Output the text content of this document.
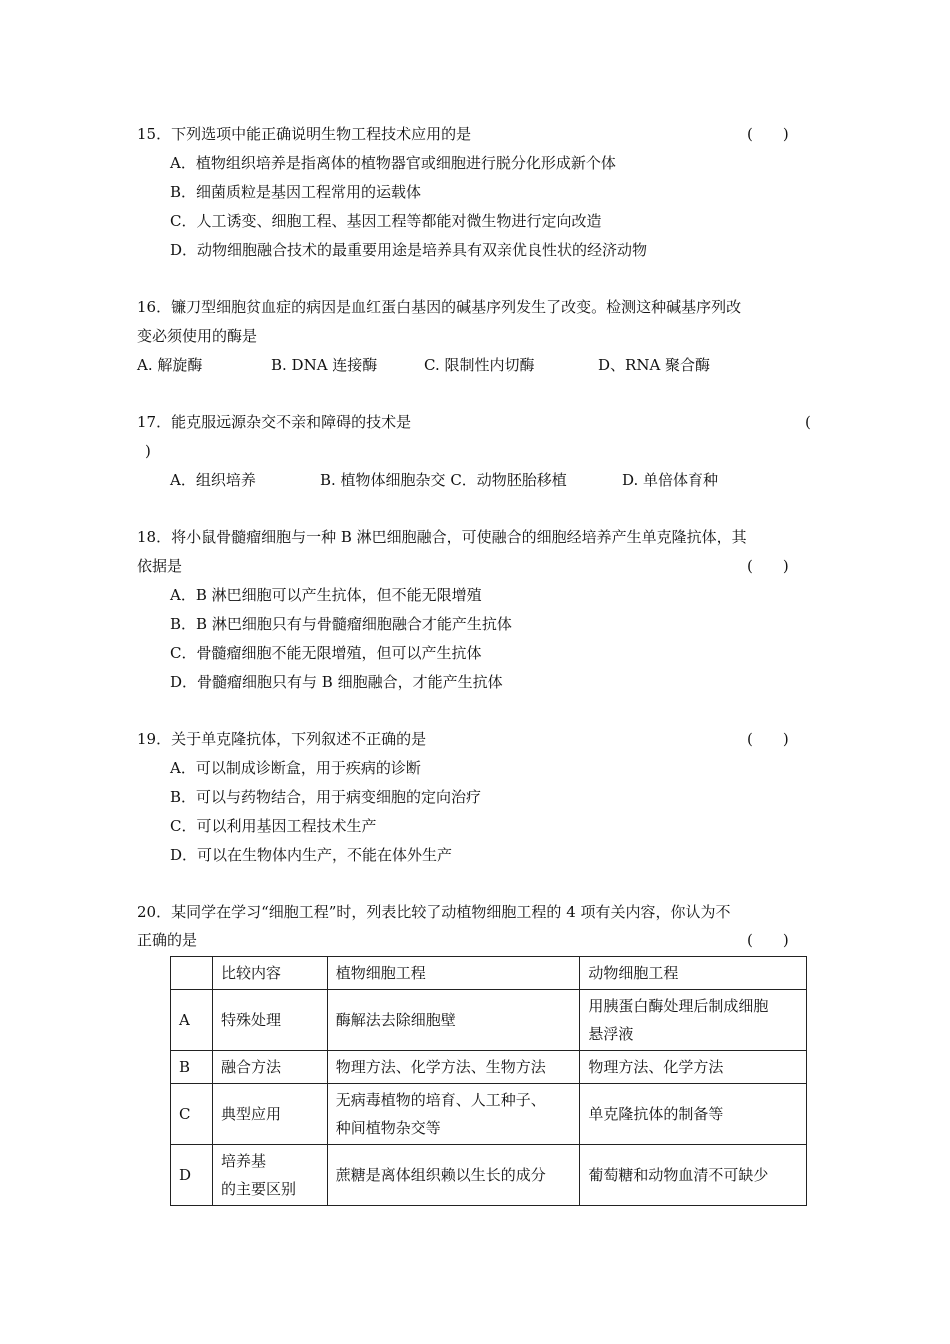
15．下列选项中能正确说明生物工程技术应用的是	(　　)
A．植物组织培养是指离体的植物器官或细胞进行脱分化形成新个体
B．细菌质粒是基因工程常用的运载体
C．人工诱变、细胞工程、基因工程等都能对微生物进行定向改造
D．动物细胞融合技术的最重要用途是培养具有双亲优良性状的经济动物
16．镰刀型细胞贫血症的病因是血红蛋白基因的碱基序列发生了改变。检测这种碱基序列改
变必须使用的酶是
A. 解旋酶	B. DNA 连接酶	C. 限制性内切酶	D、RNA 聚合酶
17．能克服远源杂交不亲和障碍的技术是	(
)
A．组织培养	B. 植物体细胞杂交 C．动物胚胎移植	D. 单倍体育种
18．将小鼠骨髓瘤细胞与一种 B 淋巴细胞融合，可使融合的细胞经培养产生单克隆抗体，其
依据是	(　　)
A．B 淋巴细胞可以产生抗体，但不能无限增殖
B．B 淋巴细胞只有与骨髓瘤细胞融合才能产生抗体
C．骨髓瘤细胞不能无限增殖，但可以产生抗体
D．骨髓瘤细胞只有与 B 细胞融合，才能产生抗体
19．关于单克隆抗体，下列叙述不正确的是	(　　)
A．可以制成诊断盒，用于疾病的诊断
B．可以与药物结合，用于病变细胞的定向治疗
C．可以利用基因工程技术生产
D．可以在生物体内生产，不能在体外生产
20．某同学在学习“细胞工程”时，列表比较了动植物细胞工程的 4 项有关内容，你认为不
正确的是	(　　)
	比较内容	植物细胞工程	动物细胞工程
A	特殊处理	酶解法去除细胞壁	用胰蛋白酶处理后制成细胞
悬浮液

B	融合方法	物理方法、化学方法、生物方法	物理方法、化学方法
C	典型应用	无病毒植物的培育、人工种子、
种间植物杂交等	单克隆抗体的制备等
D	培养基
的主要区别	蔗糖是离体组织赖以生长的成分	葡萄糖和动物血清不可缺少
